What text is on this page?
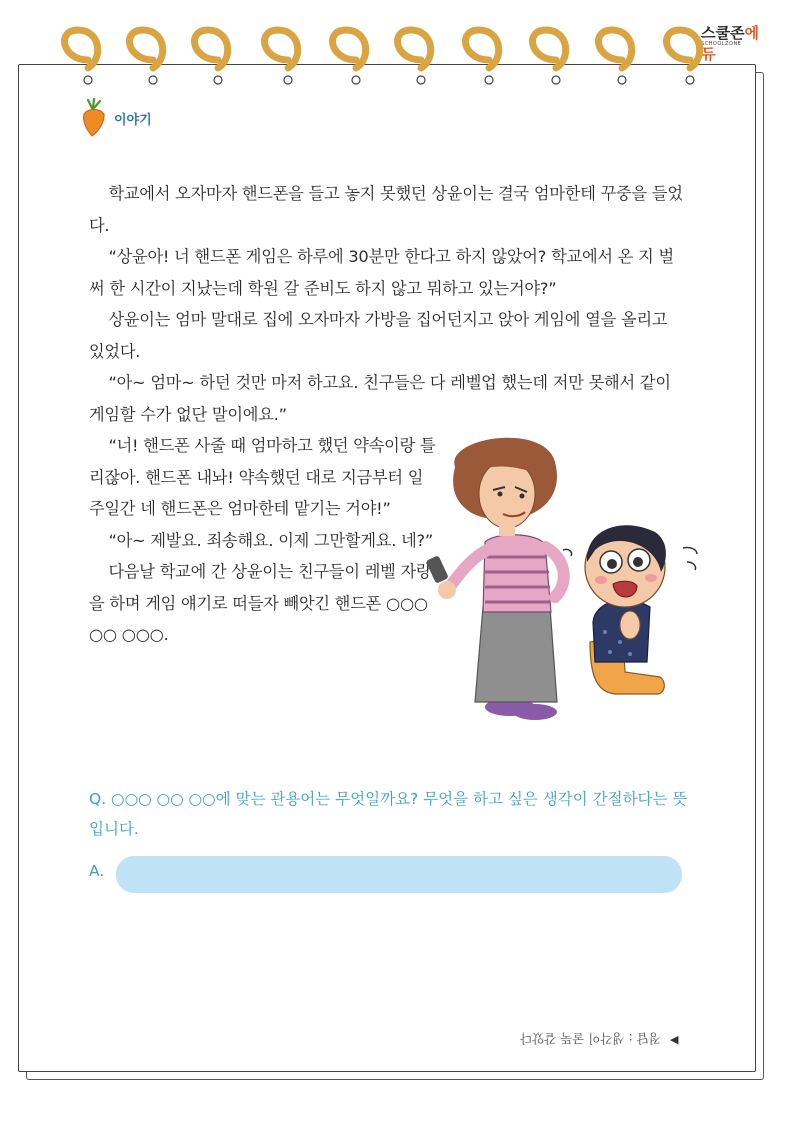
스쿨존에듀
SCHOOLZONE
이야기

학교에서 오자마자 핸드폰을 들고 놓지 못했던 상윤이는 결국 엄마한테 꾸중을 들었다.

“상윤아! 너 핸드폰 게임은 하루에 30분만 한다고 하지 않았어? 학교에서 온 지 벌써 한 시간이 지났는데 학원 갈 준비도 하지 않고 뭐하고 있는거야?”

상윤이는 엄마 말대로 집에 오자마자 가방을 집어던지고 앉아 게임에 열을 올리고 있었다.

“아~ 엄마~ 하던 것만 마저 하고요. 친구들은 다 레벨업 했는데 저만 못해서 같이 게임할 수가 없단 말이에요.”

“너! 핸드폰 사줄 때 엄마하고 했던 약속이랑 틀리잖아. 핸드폰 내놔! 약속했던 대로 지금부터 일주일간 네 핸드폰은 엄마한테 맡기는 거야!”

“아~ 제발요. 죄송해요. 이제 그만할게요. 네?”

다음날 학교에 간 상윤이는 친구들이 레벨 자랑을 하며 게임 얘기로 떠들자 빼앗긴 핸드폰 ○○○ ○○ ○○○.

Q. ○○○ ○○ ○○에 맞는 관용어는 무엇일까요? 무엇을 하고 싶은 생각이 간절하다는 뜻입니다.
A.
정답 : 생각이 굴뚝 같았다 ◀
